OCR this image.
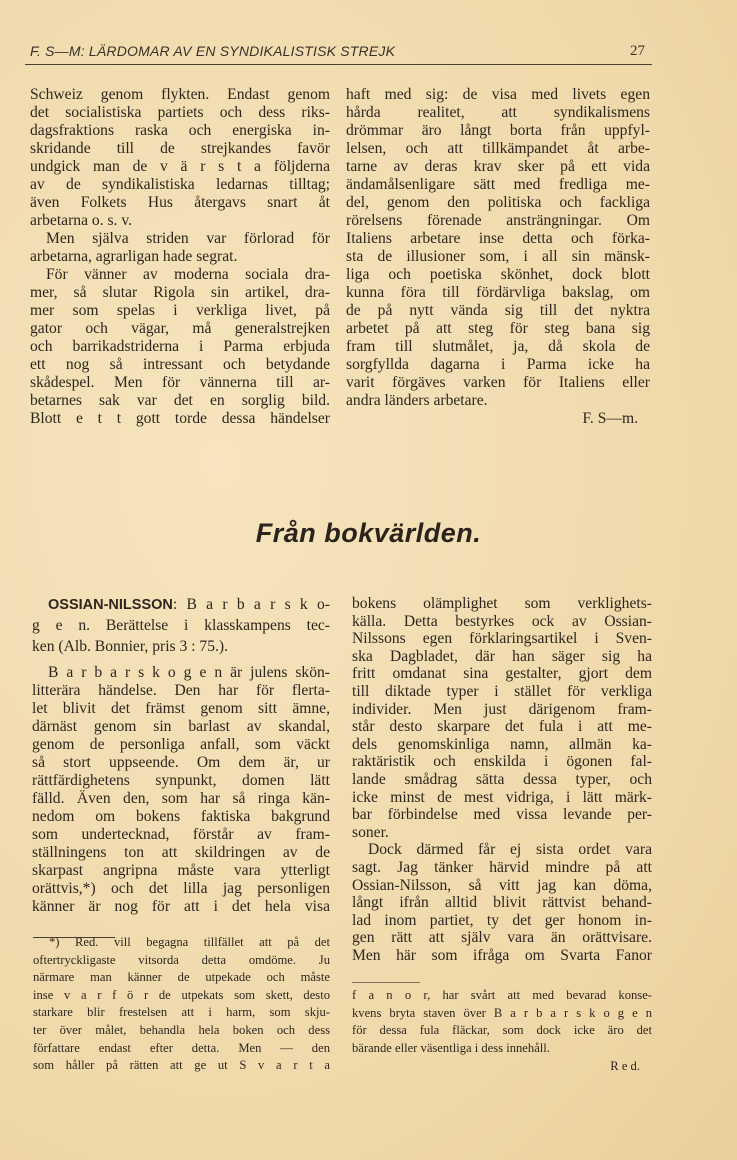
F. S—M: LÄRDOMAR AV EN SYNDIKALISTISK STREJK	27
Schweiz genom flykten. Endast genom
det socialistiska partiets och dess riks-
dagsfraktions raska och energiska in-
skridande till de strejkandes favör
undgick man de v ä r s t a följderna
av de syndikalistiska ledarnas tilltag;
även Folkets Hus återgavs snart åt
arbetarna o. s. v.
Men själva striden var förlorad för
arbetarna, agrarligan hade segrat.
För vänner av moderna sociala dra-
mer, så slutar Rigola sin artikel, dra-
mer som spelas i verkliga livet, på
gator och vägar, må generalstrejken
och barrikadstriderna i Parma erbjuda
ett nog så intressant och betydande
skådespel. Men för vännerna till ar-
betarnes sak var det en sorglig bild.
Blott e t t gott torde dessa händelser
haft med sig: de visa med livets egen
hårda realitet, att syndikalismens
drömmar äro långt borta från uppfyl-
lelsen, och att tillkämpandet åt arbe-
tarne av deras krav sker på ett vida
ändamålsenligare sätt med fredliga me-
del, genom den politiska och fackliga
rörelsens förenade ansträngningar. Om
Italiens arbetare inse detta och förka-
sta de illusioner som, i all sin mänsk-
liga och poetiska skönhet, dock blott
kunna föra till fördärvliga bakslag, om
de på nytt vända sig till det nyktra
arbetet på att steg för steg bana sig
fram till slutmålet, ja, då skola de
sorgfyllda dagarna i Parma icke ha
varit förgäves varken för Italiens eller
andra länders arbetare.
F. S—m.
Från bokvärlden.
OSSIAN-NILSSON: B a r b a r s k o-
g e n. Berättelse i klasskampens tec-
ken (Alb. Bonnier, pris 3 : 75.).
B a r b a r s k o g e n är julens skön-
litterära händelse. Den har för flerta-
let blivit det främst genom sitt ämne,
därnäst genom sin barlast av skandal,
genom de personliga anfall, som väckt
så stort uppseende. Om dem är, ur
rättfärdighetens synpunkt, domen lätt
fälld. Även den, som har så ringa kän-
nedom om bokens faktiska bakgrund
som undertecknad, förstår av fram-
ställningens ton att skildringen av de
skarpast angripna måste vara ytterligt
orättvis,*) och det lilla jag personligen
känner är nog för att i det hela visa
*) Red. vill begagna tillfället att på det
oftertryckligaste vitsorda detta omdöme. Ju
närmare man känner de utpekade och måste
inse v a r f ö r de utpekats som skett, desto
starkare blir frestelsen att i harm, som skju-
ter över målet, behandla hela boken och dess
författare endast efter detta. Men — den
som håller på rätten att ge ut S v a r t a
bokens olämplighet som verklighets-
källa. Detta bestyrkes ock av Ossian-
Nilssons egen förklaringsartikel i Sven-
ska Dagbladet, där han säger sig ha
fritt omdanat sina gestalter, gjort dem
till diktade typer i stället för verkliga
individer. Men just därigenom fram-
står desto skarpare det fula i att me-
dels genomskinliga namn, allmän ka-
raktäristik och enskilda i ögonen fal-
lande smådrag sätta dessa typer, och
icke minst de mest vidriga, i lätt märk-
bar förbindelse med vissa levande per-
soner.
Dock därmed får ej sista ordet vara
sagt. Jag tänker härvid mindre på att
Ossian-Nilsson, så vitt jag kan döma,
långt ifrån alltid blivit rättvist behand-
lad inom partiet, ty det ger honom in-
gen rätt att själv vara än orättvisare.
Men här som ifråga om Svarta Fanor
f a n o r, har svårt att med bevarad konse-
kvens bryta staven över B a r b a r s k o g e n
för dessa fula fläckar, som dock icke äro det
bärande eller väsentliga i dess innehåll.
R e d.
